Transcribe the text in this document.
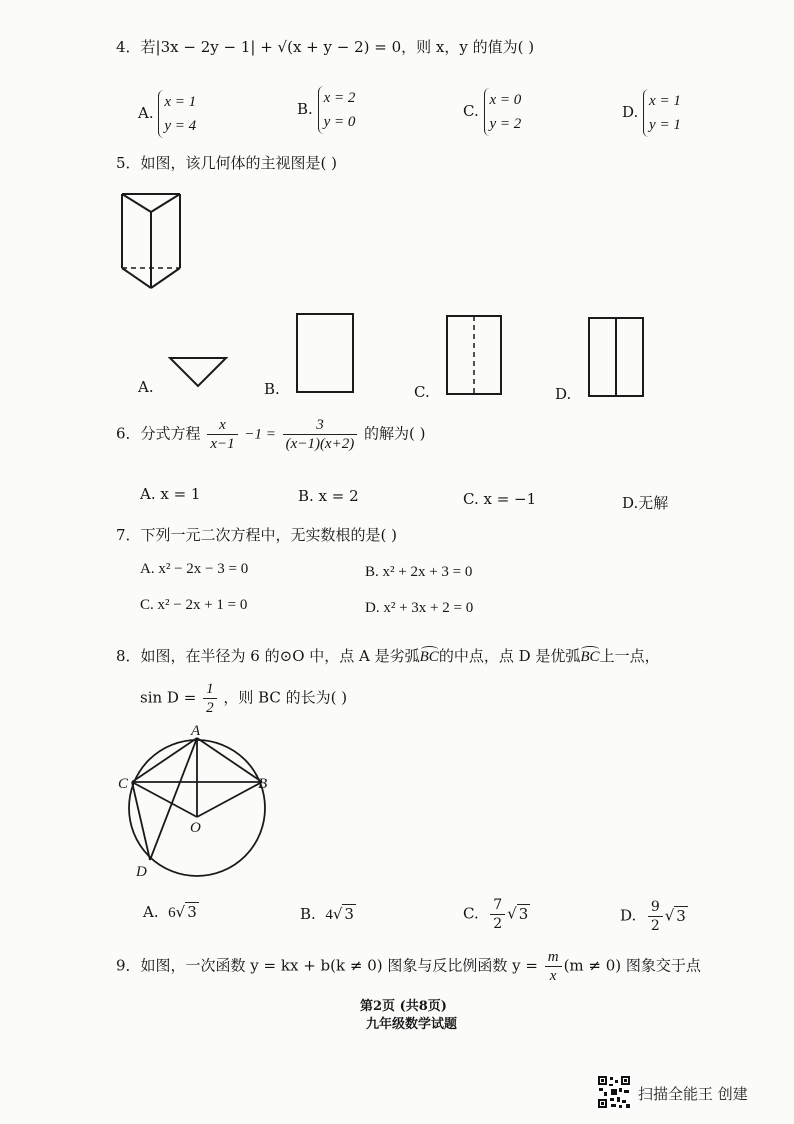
4．若|3x − 2y − 1| + √(x + y − 2) = 0，则 x，y 的值为( )
A.
x = 1
y = 4
B.
x = 2
y = 0
C.
x = 0
y = 2
D.
x = 1
y = 1
5．如图，该几何体的主视图是( )
A.	B.	C.	D.
6．分式方程 $\frac{x}{x-1} -1 = \frac{3}{(x-1)(x+2)}$ 的解为( )
A. x = 1	B. x = 2	C. x = −1	D.无解
7．下列一元二次方程中，无实数根的是( )
A. x² − 2x − 3 = 0	B. x² + 2x + 3 = 0
C. x² − 2x + 1 = 0	D. x² + 3x + 2 = 0
8．如图，在半径为 6 的⊙O 中，点 A 是劣弧BC的中点，点 D 是优弧BC上一点，
$\sin D = \frac{1}{2}$ ，则 BC 的长为( )
A
B
C
O
D
A. 6√ 3	B. 4√ 3	C. $\frac{7}{2}$ √ 3	D. $\frac{9}{2}$ √ 3
9．如图，一次函数 y = kx + b(k ≠ 0) 图象与反比例函数 $y = \frac{m}{x} (m \ne 0)$ 图象交于点
第2页 (共8页)
九年级数学试题
扫描全能王 创建
